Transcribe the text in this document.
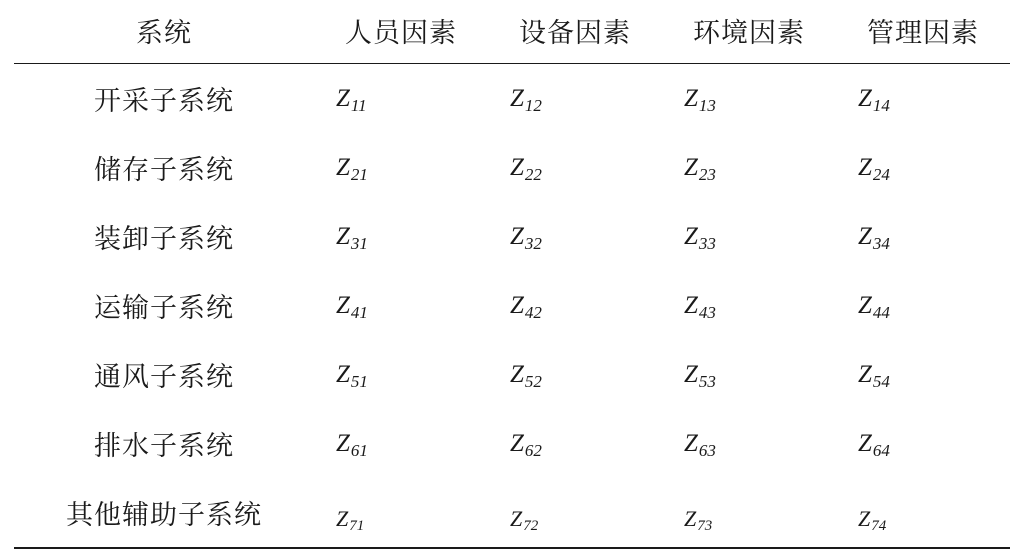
系统	人员因素	设备因素	环境因素	管理因素
开采子系统	$Z_{11}$	$Z_{12}$	$Z_{13}$	$Z_{14}$
储存子系统	$Z_{21}$	$Z_{22}$	$Z_{23}$	$Z_{24}$
装卸子系统	$Z_{31}$	$Z_{32}$	$Z_{33}$	$Z_{34}$
运输子系统	$Z_{41}$	$Z_{42}$	$Z_{43}$	$Z_{44}$
通风子系统	$Z_{51}$	$Z_{52}$	$Z_{53}$	$Z_{54}$
排水子系统	$Z_{61}$	$Z_{62}$	$Z_{63}$	$Z_{64}$
其他辅助子系统	Z71	Z72	Z73	Z74
